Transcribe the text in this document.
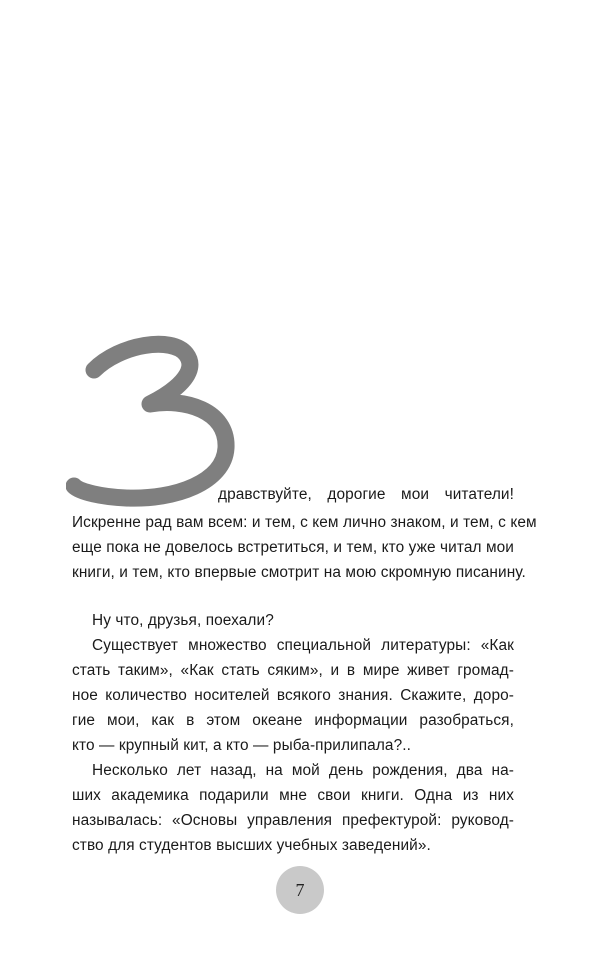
дравствуйте, дорогие мои читатели!
Искренне рад вам всем: и тем, с кем лично знаком, и тем, с кем
еще пока не довелось встретиться, и тем, кто уже читал мои
книги, и тем, кто впервые смотрит на мою скромную писанину.
Ну что, друзья, поехали?
Существует множество специальной литературы: «Как
стать таким», «Как стать сяким», и в мире живет громад-
ное количество носителей всякого знания. Скажите, доро-
гие мои, как в этом океане информации разобраться,
кто — крупный кит, а кто — рыба-прилипала?..
Несколько лет назад, на мой день рождения, два на-
ших академика подарили мне свои книги. Одна из них
называлась: «Основы управления префектурой: руковод-
ство для студентов высших учебных заведений».
7
